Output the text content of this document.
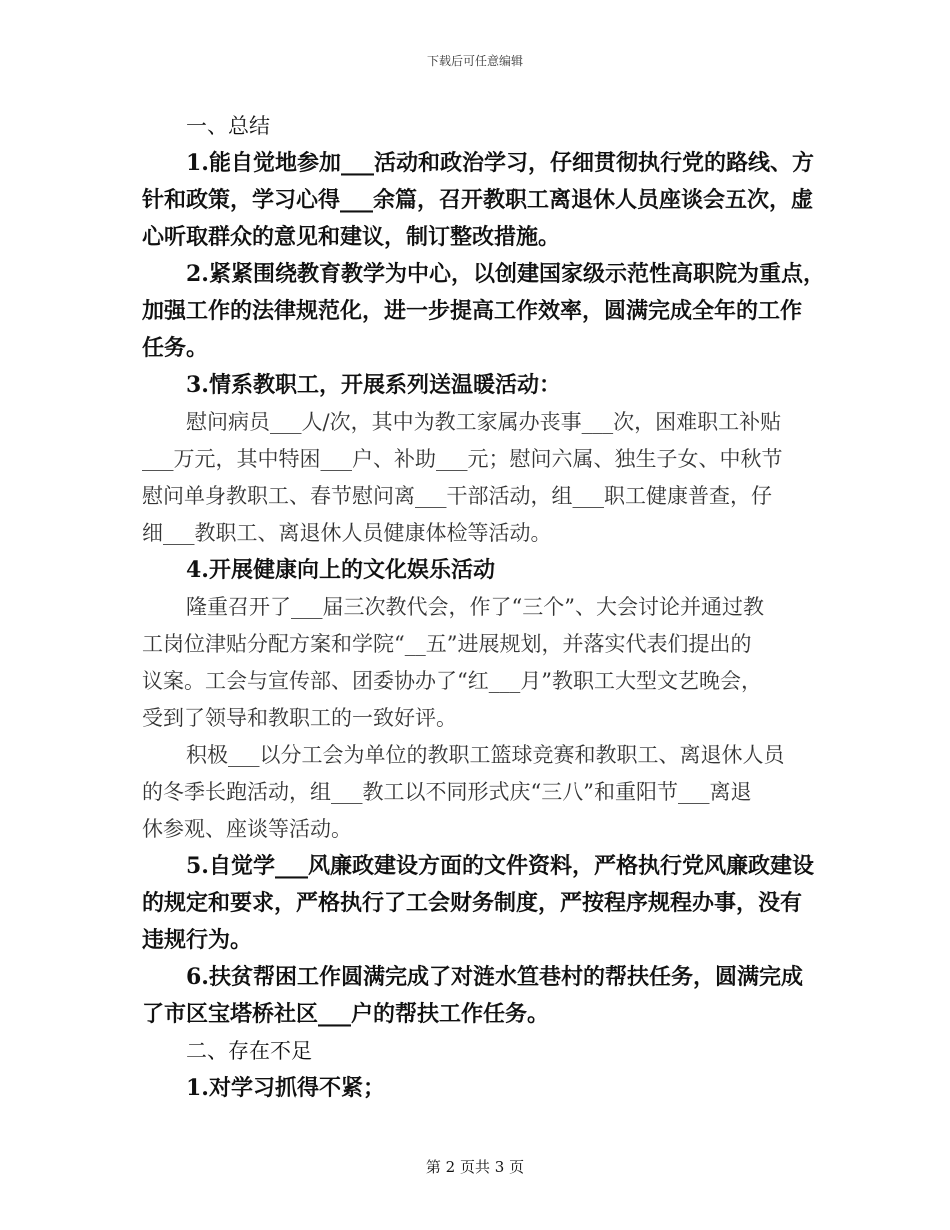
下载后可任意编辑
一、总结
1.能自觉地参加___活动和政治学习，仔细贯彻执行党的路线、方
针和政策，学习心得___余篇，召开教职工离退休人员座谈会五次，虚
心听取群众的意见和建议，制订整改措施。
2.紧紧围绕教育教学为中心，以创建国家级示范性高职院为重点，
加强工作的法律规范化，进一步提高工作效率，圆满完成全年的工作
任务。
3.情系教职工，开展系列送温暖活动：
慰问病员___人/次，其中为教工家属办丧事___次，困难职工补贴
___万元，其中特困___户、补助___元；慰问六属、独生子女、中秋节
慰问单身教职工、春节慰问离___干部活动，组___职工健康普查，仔
细___教职工、离退休人员健康体检等活动。
4.开展健康向上的文化娱乐活动
隆重召开了___届三次教代会，作了“三个”、大会讨论并通过教
工岗位津贴分配方案和学院“__五”进展规划，并落实代表们提出的
议案。工会与宣传部、团委协办了“红___月”教职工大型文艺晚会，
受到了领导和教职工的一致好评。
积极___以分工会为单位的教职工篮球竞赛和教职工、离退休人员
的冬季长跑活动，组___教工以不同形式庆“三八”和重阳节___离退
休参观、座谈等活动。
5.自觉学___风廉政建设方面的文件资料，严格执行党风廉政建设
的规定和要求，严格执行了工会财务制度，严按程序规程办事，没有
违规行为。
6.扶贫帮困工作圆满完成了对涟水笪巷村的帮扶任务，圆满完成
了市区宝塔桥社区___户的帮扶工作任务。
二、存在不足
1.对学习抓得不紧；
第 2 页共 3 页
